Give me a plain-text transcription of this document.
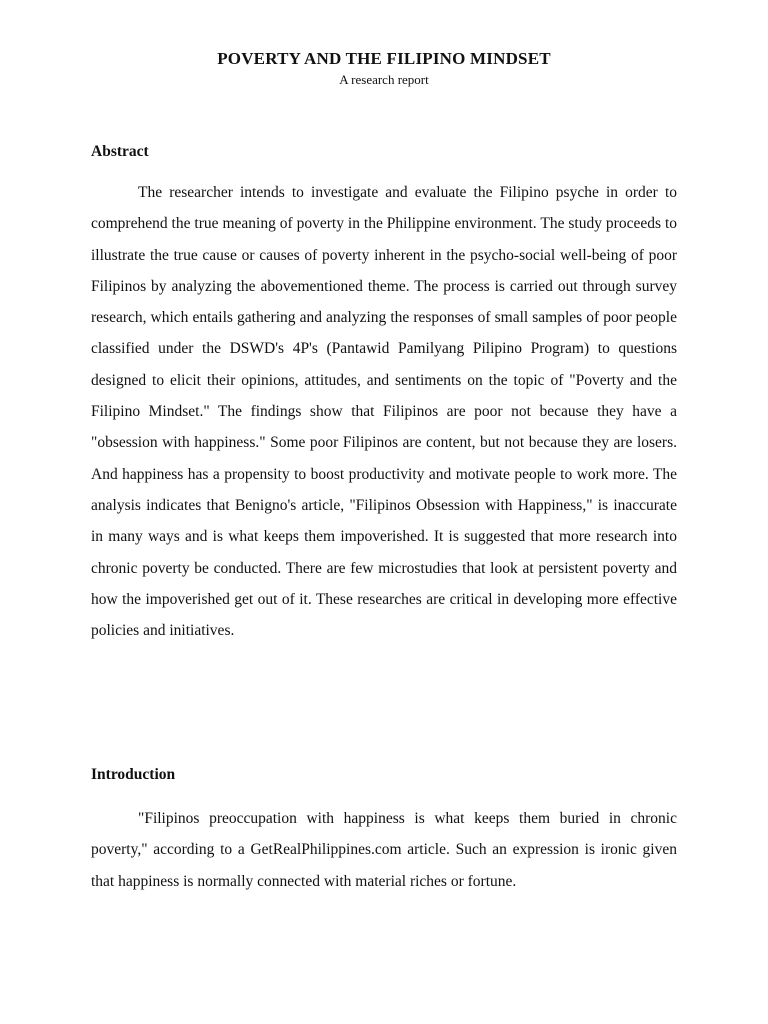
POVERTY AND THE FILIPINO MINDSET
A research report
Abstract

The researcher intends to investigate and evaluate the Filipino psyche in order to comprehend the true meaning of poverty in the Philippine environment. The study proceeds to illustrate the true cause or causes of poverty inherent in the psycho-social well-being of poor Filipinos by analyzing the abovementioned theme. The process is carried out through survey research, which entails gathering and analyzing the responses of small samples of poor people classified under the DSWD's 4P's (Pantawid Pamilyang Pilipino Program) to questions designed to elicit their opinions, attitudes, and sentiments on the topic of "Poverty and the Filipino Mindset." The findings show that Filipinos are poor not because they have a "obsession with happiness." Some poor Filipinos are content, but not because they are losers. And happiness has a propensity to boost productivity and motivate people to work more. The analysis indicates that Benigno's article, "Filipinos Obsession with Happiness," is inaccurate in many ways and is what keeps them impoverished. It is suggested that more research into chronic poverty be conducted. There are few microstudies that look at persistent poverty and how the impoverished get out of it. These researches are critical in developing more effective policies and initiatives.

Introduction

"Filipinos preoccupation with happiness is what keeps them buried in chronic poverty," according to a GetRealPhilippines.com article. Such an expression is ironic given that happiness is normally connected with material riches or fortune.
